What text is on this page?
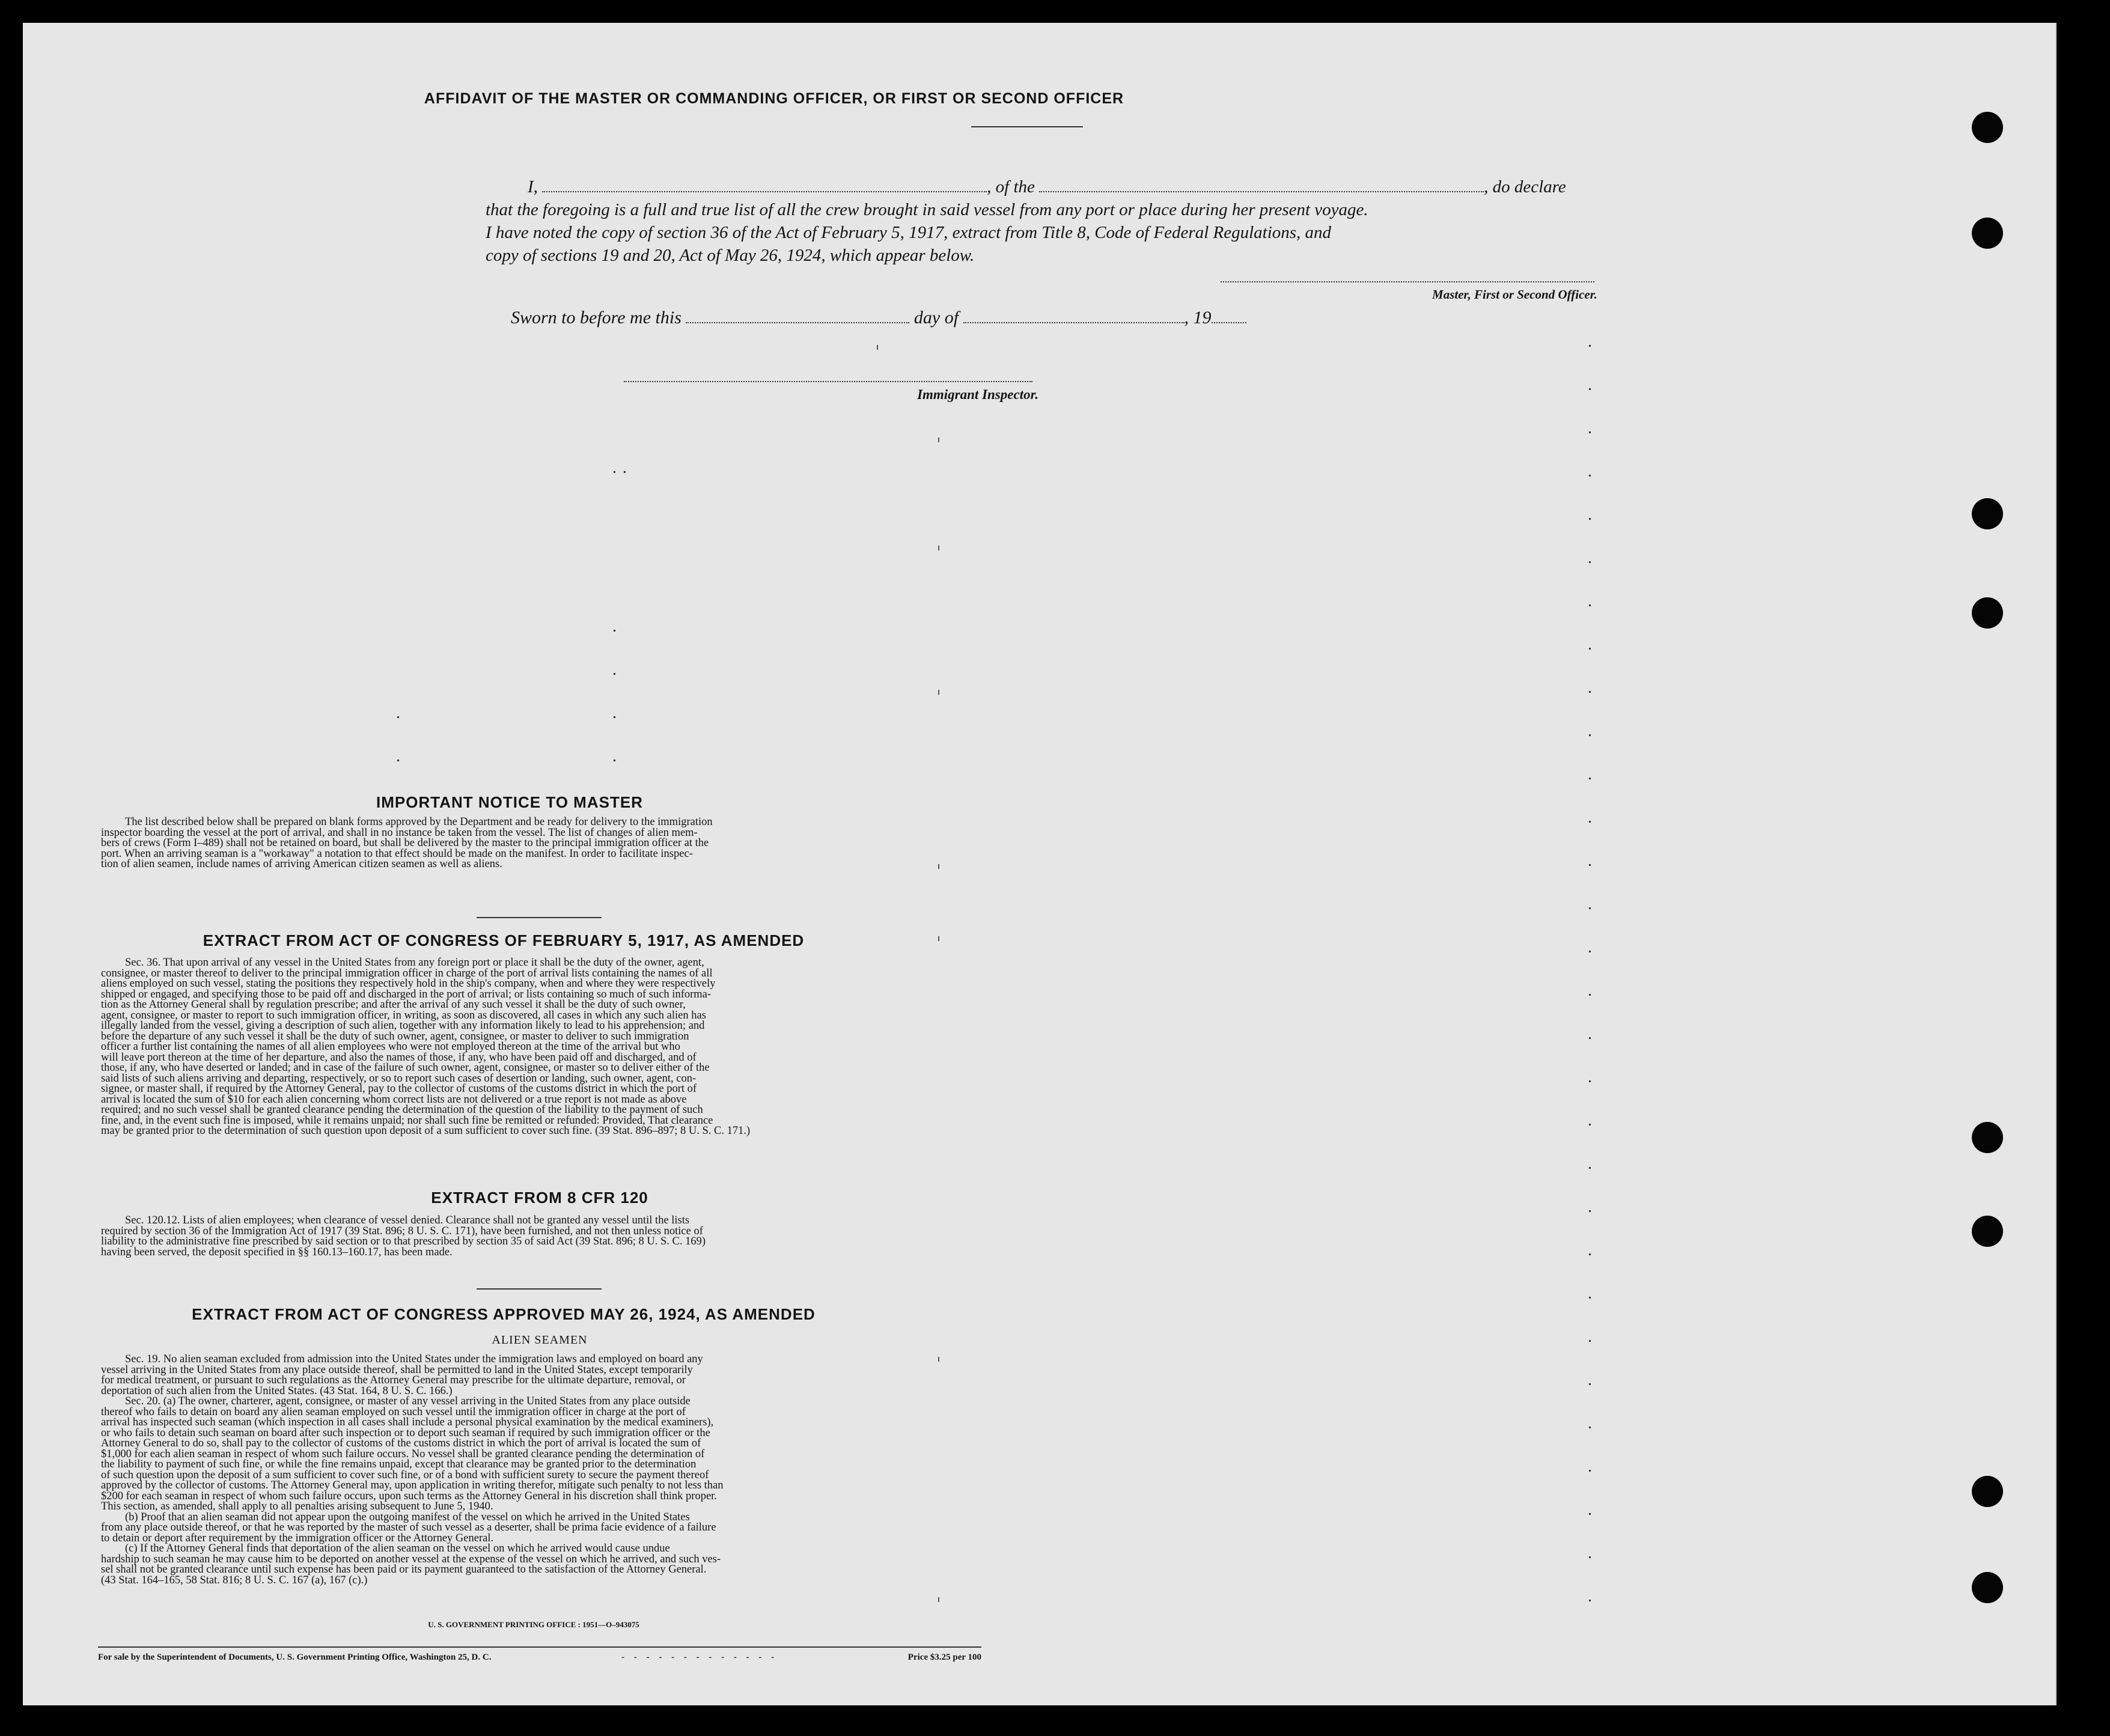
AFFIDAVIT OF THE MASTER OR COMMANDING OFFICER, OR FIRST OR SECOND OFFICER
I,	, of the	, do declare
that the foregoing is a full and true list of all the crew brought in said vessel from any port or place during her present voyage.
I have noted the copy of section 36 of the Act of February 5, 1917, extract from Title 8, Code of Federal Regulations, and
copy of sections 19 and 20, Act of May 26, 1924, which appear below.
Master, First or Second Officer.
Sworn to before me this	day of	, 19
Immigrant Inspector.
IMPORTANT NOTICE TO MASTER

The list described below shall be prepared on blank forms approved by the Department and be ready for delivery to the immigration

inspector boarding the vessel at the port of arrival, and shall in no instance be taken from the vessel. The list of changes of alien mem-

bers of crews (Form I–489) shall not be retained on board, but shall be delivered by the master to the principal immigration officer at the

port. When an arriving seaman is a "workaway" a notation to that effect should be made on the manifest. In order to facilitate inspec-

tion of alien seamen, include names of arriving American citizen seamen as well as aliens.

EXTRACT FROM ACT OF CONGRESS OF FEBRUARY 5, 1917, AS AMENDED

Sec. 36. That upon arrival of any vessel in the United States from any foreign port or place it shall be the duty of the owner, agent,

consignee, or master thereof to deliver to the principal immigration officer in charge of the port of arrival lists containing the names of all

aliens employed on such vessel, stating the positions they respectively hold in the ship's company, when and where they were respectively

shipped or engaged, and specifying those to be paid off and discharged in the port of arrival; or lists containing so much of such informa-

tion as the Attorney General shall by regulation prescribe; and after the arrival of any such vessel it shall be the duty of such owner,

agent, consignee, or master to report to such immigration officer, in writing, as soon as discovered, all cases in which any such alien has

illegally landed from the vessel, giving a description of such alien, together with any information likely to lead to his apprehension; and

before the departure of any such vessel it shall be the duty of such owner, agent, consignee, or master to deliver to such immigration

officer a further list containing the names of all alien employees who were not employed thereon at the time of the arrival but who

will leave port thereon at the time of her departure, and also the names of those, if any, who have been paid off and discharged, and of

those, if any, who have deserted or landed; and in case of the failure of such owner, agent, consignee, or master so to deliver either of the

said lists of such aliens arriving and departing, respectively, or so to report such cases of desertion or landing, such owner, agent, con-

signee, or master shall, if required by the Attorney General, pay to the collector of customs of the customs district in which the port of

arrival is located the sum of $10 for each alien concerning whom correct lists are not delivered or a true report is not made as above

required; and no such vessel shall be granted clearance pending the determination of the question of the liability to the payment of such

fine, and, in the event such fine is imposed, while it remains unpaid; nor shall such fine be remitted or refunded: Provided, That clearance

may be granted prior to the determination of such question upon deposit of a sum sufficient to cover such fine. (39 Stat. 896–897; 8 U. S. C. 171.)

EXTRACT FROM 8 CFR 120

Sec. 120.12. Lists of alien employees; when clearance of vessel denied. Clearance shall not be granted any vessel until the lists

required by section 36 of the Immigration Act of 1917 (39 Stat. 896; 8 U. S. C. 171), have been furnished, and not then unless notice of

liability to the administrative fine prescribed by said section or to that prescribed by section 35 of said Act (39 Stat. 896; 8 U. S. C. 169)

having been served, the deposit specified in §§ 160.13–160.17, has been made.

EXTRACT FROM ACT OF CONGRESS APPROVED MAY 26, 1924, AS AMENDED
ALIEN SEAMEN

Sec. 19. No alien seaman excluded from admission into the United States under the immigration laws and employed on board any

vessel arriving in the United States from any place outside thereof, shall be permitted to land in the United States, except temporarily

for medical treatment, or pursuant to such regulations as the Attorney General may prescribe for the ultimate departure, removal, or

deportation of such alien from the United States. (43 Stat. 164, 8 U. S. C. 166.)

Sec. 20. (a) The owner, charterer, agent, consignee, or master of any vessel arriving in the United States from any place outside

thereof who fails to detain on board any alien seaman employed on such vessel until the immigration officer in charge at the port of

arrival has inspected such seaman (which inspection in all cases shall include a personal physical examination by the medical examiners),

or who fails to detain such seaman on board after such inspection or to deport such seaman if required by such immigration officer or the

Attorney General to do so, shall pay to the collector of customs of the customs district in which the port of arrival is located the sum of

$1,000 for each alien seaman in respect of whom such failure occurs. No vessel shall be granted clearance pending the determination of

the liability to payment of such fine, or while the fine remains unpaid, except that clearance may be granted prior to the determination

of such question upon the deposit of a sum sufficient to cover such fine, or of a bond with sufficient surety to secure the payment thereof

approved by the collector of customs. The Attorney General may, upon application in writing therefor, mitigate such penalty to not less than

$200 for each seaman in respect of whom such failure occurs, upon such terms as the Attorney General in his discretion shall think proper.

This section, as amended, shall apply to all penalties arising subsequent to June 5, 1940.

(b) Proof that an alien seaman did not appear upon the outgoing manifest of the vessel on which he arrived in the United States

from any place outside thereof, or that he was reported by the master of such vessel as a deserter, shall be prima facie evidence of a failure

to detain or deport after requirement by the immigration officer or the Attorney General.

(c) If the Attorney General finds that deportation of the alien seaman on the vessel on which he arrived would cause undue

hardship to such seaman he may cause him to be deported on another vessel at the expense of the vessel on which he arrived, and such ves-

sel shall not be granted clearance until such expense has been paid or its payment guaranteed to the satisfaction of the Attorney General.

(43 Stat. 164–165, 58 Stat. 816; 8 U. S. C. 167 (a), 167 (c).)

U. S. GOVERNMENT PRINTING OFFICE : 1951—O–943075
For sale by the Superintendent of Documents, U. S. Government Printing Office, Washington 25, D. C.	- - - - - - - - - - - - -	Price $3.25 per 100
